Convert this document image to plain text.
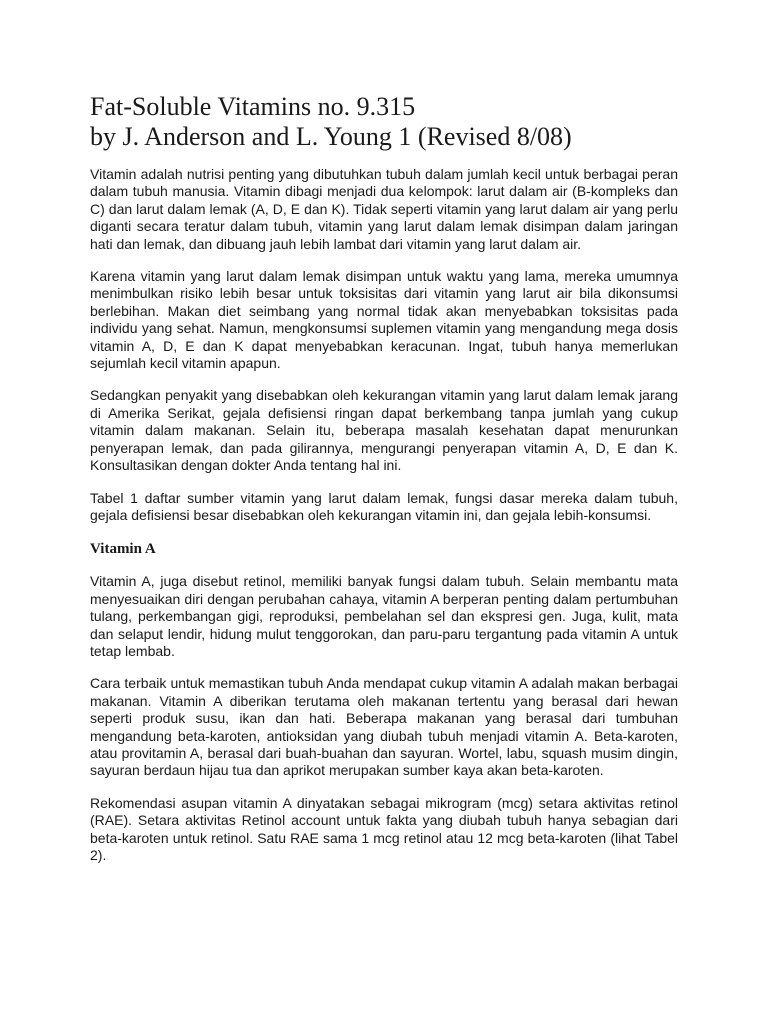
Fat-Soluble Vitamins no. 9.315
by J. Anderson and L. Young 1 (Revised 8/08)

Vitamin adalah nutrisi penting yang dibutuhkan tubuh dalam jumlah kecil untuk berbagai peran dalam tubuh manusia. Vitamin dibagi menjadi dua kelompok: larut dalam air (B-kompleks dan C) dan larut dalam lemak (A, D, E dan K). Tidak seperti vitamin yang larut dalam air yang perlu diganti secara teratur dalam tubuh, vitamin yang larut dalam lemak disimpan dalam jaringan hati dan lemak, dan dibuang jauh lebih lambat dari vitamin yang larut dalam air.

Karena vitamin yang larut dalam lemak disimpan untuk waktu yang lama, mereka umumnya menimbulkan risiko lebih besar untuk toksisitas dari vitamin yang larut air bila dikonsumsi berlebihan. Makan diet seimbang yang normal tidak akan menyebabkan toksisitas pada individu yang sehat. Namun, mengkonsumsi suplemen vitamin yang mengandung mega dosis vitamin A, D, E dan K dapat menyebabkan keracunan. Ingat, tubuh hanya memerlukan sejumlah kecil vitamin apapun.

Sedangkan penyakit yang disebabkan oleh kekurangan vitamin yang larut dalam lemak jarang di Amerika Serikat, gejala defisiensi ringan dapat berkembang tanpa jumlah yang cukup vitamin dalam makanan. Selain itu, beberapa masalah kesehatan dapat menurunkan penyerapan lemak, dan pada gilirannya, mengurangi penyerapan vitamin A, D, E dan K. Konsultasikan dengan dokter Anda tentang hal ini.

Tabel 1 daftar sumber vitamin yang larut dalam lemak, fungsi dasar mereka dalam tubuh, gejala defisiensi besar disebabkan oleh kekurangan vitamin ini, dan gejala lebih-konsumsi.

Vitamin A

Vitamin A, juga disebut retinol, memiliki banyak fungsi dalam tubuh. Selain membantu mata menyesuaikan diri dengan perubahan cahaya, vitamin A berperan penting dalam pertumbuhan tulang, perkembangan gigi, reproduksi, pembelahan sel dan ekspresi gen. Juga, kulit, mata dan selaput lendir, hidung mulut tenggorokan, dan paru-paru tergantung pada vitamin A untuk tetap lembab.

Cara terbaik untuk memastikan tubuh Anda mendapat cukup vitamin A adalah makan berbagai makanan. Vitamin A diberikan terutama oleh makanan tertentu yang berasal dari hewan seperti produk susu, ikan dan hati. Beberapa makanan yang berasal dari tumbuhan mengandung beta-karoten, antioksidan yang diubah tubuh menjadi vitamin A. Beta-karoten, atau provitamin A, berasal dari buah-buahan dan sayuran. Wortel, labu, squash musim dingin, sayuran berdaun hijau tua dan aprikot merupakan sumber kaya akan beta-karoten.

Rekomendasi asupan vitamin A dinyatakan sebagai mikrogram (mcg) setara aktivitas retinol (RAE). Setara aktivitas Retinol account untuk fakta yang diubah tubuh hanya sebagian dari beta-karoten untuk retinol. Satu RAE sama 1 mcg retinol atau 12 mcg beta-karoten (lihat Tabel 2).
